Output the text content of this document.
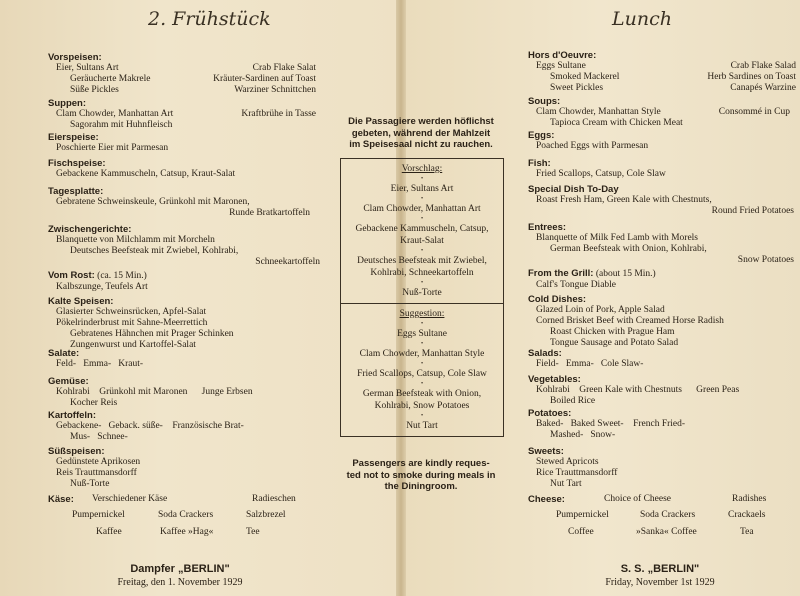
2. Frühstück
Vorspeisen:
Eier, Sultans Art	Crab Flake Salat
Geräucherte Makrele	Kräuter-Sardinen auf Toast
Süße Pickles	Warziner Schnittchen
Suppen:
Clam Chowder, Manhattan Art	Kraftbrühe in Tasse
Sagorahm mit Huhnfleisch
Eierspeise:
Poschierte Eier mit Parmesan
Fischspeise:
Gebackene Kammuscheln, Catsup, Kraut-Salat
Tagesplatte:
Gebratene Schweinskeule, Grünkohl mit Maronen,
Runde Bratkartoffeln
Zwischengerichte:
Blanquette von Milchlamm mit Morcheln
Deutsches Beefsteak mit Zwiebel, Kohlrabi,
Schneekartoffeln
Vom Rost: (ca. 15 Min.)
Kalbszunge, Teufels Art
Kalte Speisen:
Glasierter Schweinsrücken, Apfel-Salat
Pökelrinderbrust mit Sahne-Meerrettich
Gebratenes Hähnchen mit Prager Schinken
Zungenwurst und Kartoffel-Salat
Salate:
Feld- Emma- Kraut-
Gemüse:
Kohlrabi Grünkohl mit Maronen Junge Erbsen
Kocher Reis
Kartoffeln:
Gebackene- Geback. süße- Französische Brat-
Mus- Schnee-
Süßspeisen:
Gedünstete Aprikosen
Reis Trauttmansdorff
Nuß-Torte
Käse: Verschiedener Käse	Radieschen
Pumpernickel	Soda Crackers	Salzbrezel
Kaffee	Kaffee »Hag«	Tee
Dampfer „BERLIN"
Freitag, den 1. November 1929
Die Passagiere werden höflichst
gebeten, während der Mahlzeit
im Speisesaal nicht zu rauchen.
Vorschlag:
•
Eier, Sultans Art
•
Clam Chowder, Manhattan Art
•
Gebackene Kammuscheln, Catsup,
Kraut-Salat
•
Deutsches Beefsteak mit Zwiebel,
Kohlrabi, Schneekartoffeln
•
Nuß-Torte
Suggestion:
•
Eggs Sultane
•
Clam Chowder, Manhattan Style
•
Fried Scallops, Catsup, Cole Slaw
•
German Beefsteak with Onion,
Kohlrabi, Snow Potatoes
•
Nut Tart
Passengers are kindly reques-
ted not to smoke during meals in
the Diningroom.
Lunch
Hors d'Oeuvre:
Eggs Sultane	Crab Flake Salad
Smoked Mackerel	Herb Sardines on Toast
Sweet Pickles	Canapés Warzine
Soups:
Clam Chowder, Manhattan Style	Consommé in Cup
Tapioca Cream with Chicken Meat
Eggs:
Poached Eggs with Parmesan
Fish:
Fried Scallops, Catsup, Cole Slaw
Special Dish To-Day
Roast Fresh Ham, Green Kale with Chestnuts,
Round Fried Potatoes
Entrees:
Blanquette of Milk Fed Lamb with Morels
German Beefsteak with Onion, Kohlrabi,
Snow Potatoes
From the Grill: (about 15 Min.)
Calf's Tongue Diable
Cold Dishes:
Glazed Loin of Pork, Apple Salad
Corned Brisket Beef with Creamed Horse Radish
Roast Chicken with Prague Ham
Tongue Sausage and Potato Salad
Salads:
Field- Emma- Cole Slaw-
Vegetables:
Kohlrabi Green Kale with Chestnuts Green Peas
Boiled Rice
Potatoes:
Baked- Baked Sweet- French Fried-
Mashed- Snow-
Sweets:
Stewed Apricots
Rice Trauttmansdorff
Nut Tart
Cheese:	Choice of Cheese	Radishes
Pumpernickel	Soda Crackers	Crackaels
Coffee	»Sanka« Coffee	Tea
S. S. „BERLIN"
Friday, November 1st 1929
